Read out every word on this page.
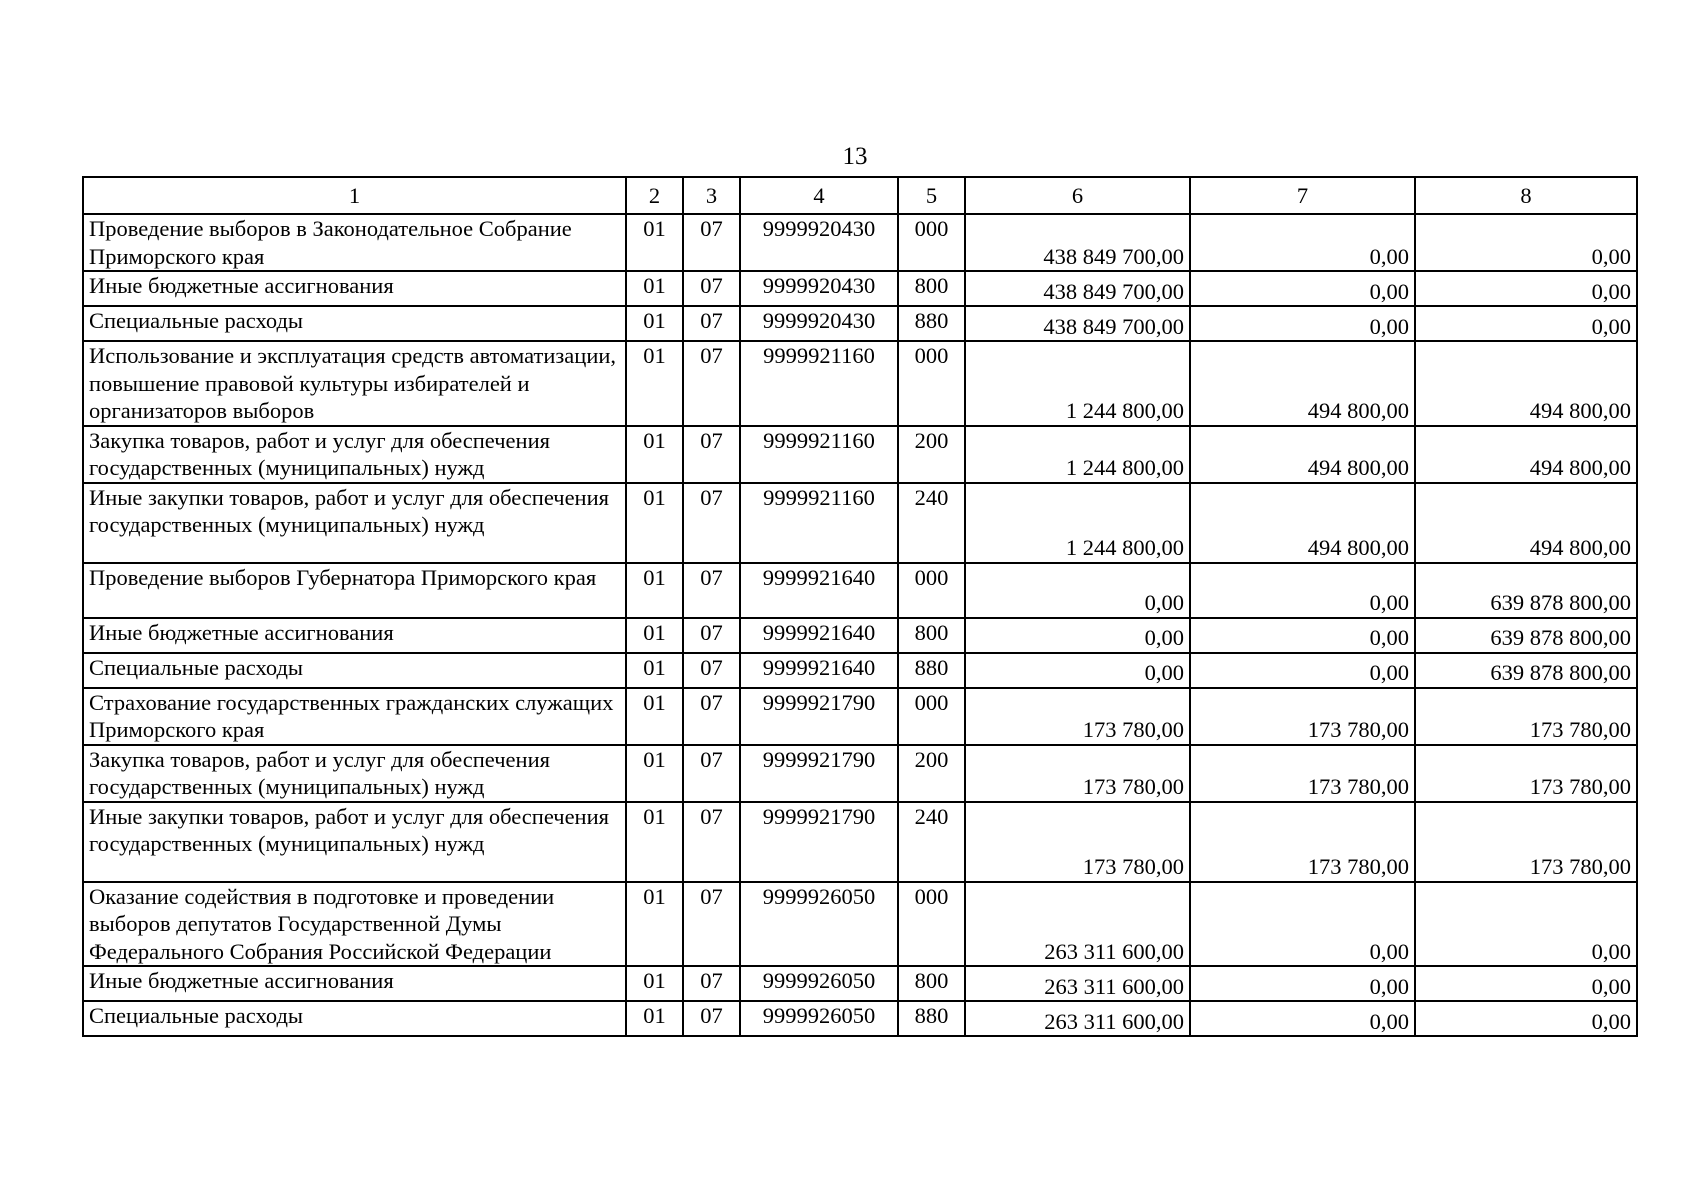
13
1	2	3	4	5	6	7	8
Проведение выборов в Законодательное Собрание Приморского края	01	07	9999920430	000	438 849 700,00	0,00	0,00
Иные бюджетные ассигнования	01	07	9999920430	800	438 849 700,00	0,00	0,00
Специальные расходы	01	07	9999920430	880	438 849 700,00	0,00	0,00
Использование и эксплуатация средств автоматизации, повышение правовой культуры избирателей и организаторов выборов	01	07	9999921160	000	1 244 800,00	494 800,00	494 800,00
Закупка товаров, работ и услуг для обеспечения государственных (муниципальных) нужд	01	07	9999921160	200	1 244 800,00	494 800,00	494 800,00
Иные закупки товаров, работ и услуг для обеспечения государственных (муниципальных) нужд	01	07	9999921160	240	1 244 800,00	494 800,00	494 800,00
Проведение выборов Губернатора Приморского края	01	07	9999921640	000	0,00	0,00	639 878 800,00
Иные бюджетные ассигнования	01	07	9999921640	800	0,00	0,00	639 878 800,00
Специальные расходы	01	07	9999921640	880	0,00	0,00	639 878 800,00
Страхование государственных гражданских служащих Приморского края	01	07	9999921790	000	173 780,00	173 780,00	173 780,00
Закупка товаров, работ и услуг для обеспечения государственных (муниципальных) нужд	01	07	9999921790	200	173 780,00	173 780,00	173 780,00
Иные закупки товаров, работ и услуг для обеспечения государственных (муниципальных) нужд	01	07	9999921790	240	173 780,00	173 780,00	173 780,00
Оказание содействия в подготовке и проведении выборов депутатов Государственной Думы Федерального Собрания Российской Федерации	01	07	9999926050	000	263 311 600,00	0,00	0,00
Иные бюджетные ассигнования	01	07	9999926050	800	263 311 600,00	0,00	0,00
Специальные расходы	01	07	9999926050	880	263 311 600,00	0,00	0,00
